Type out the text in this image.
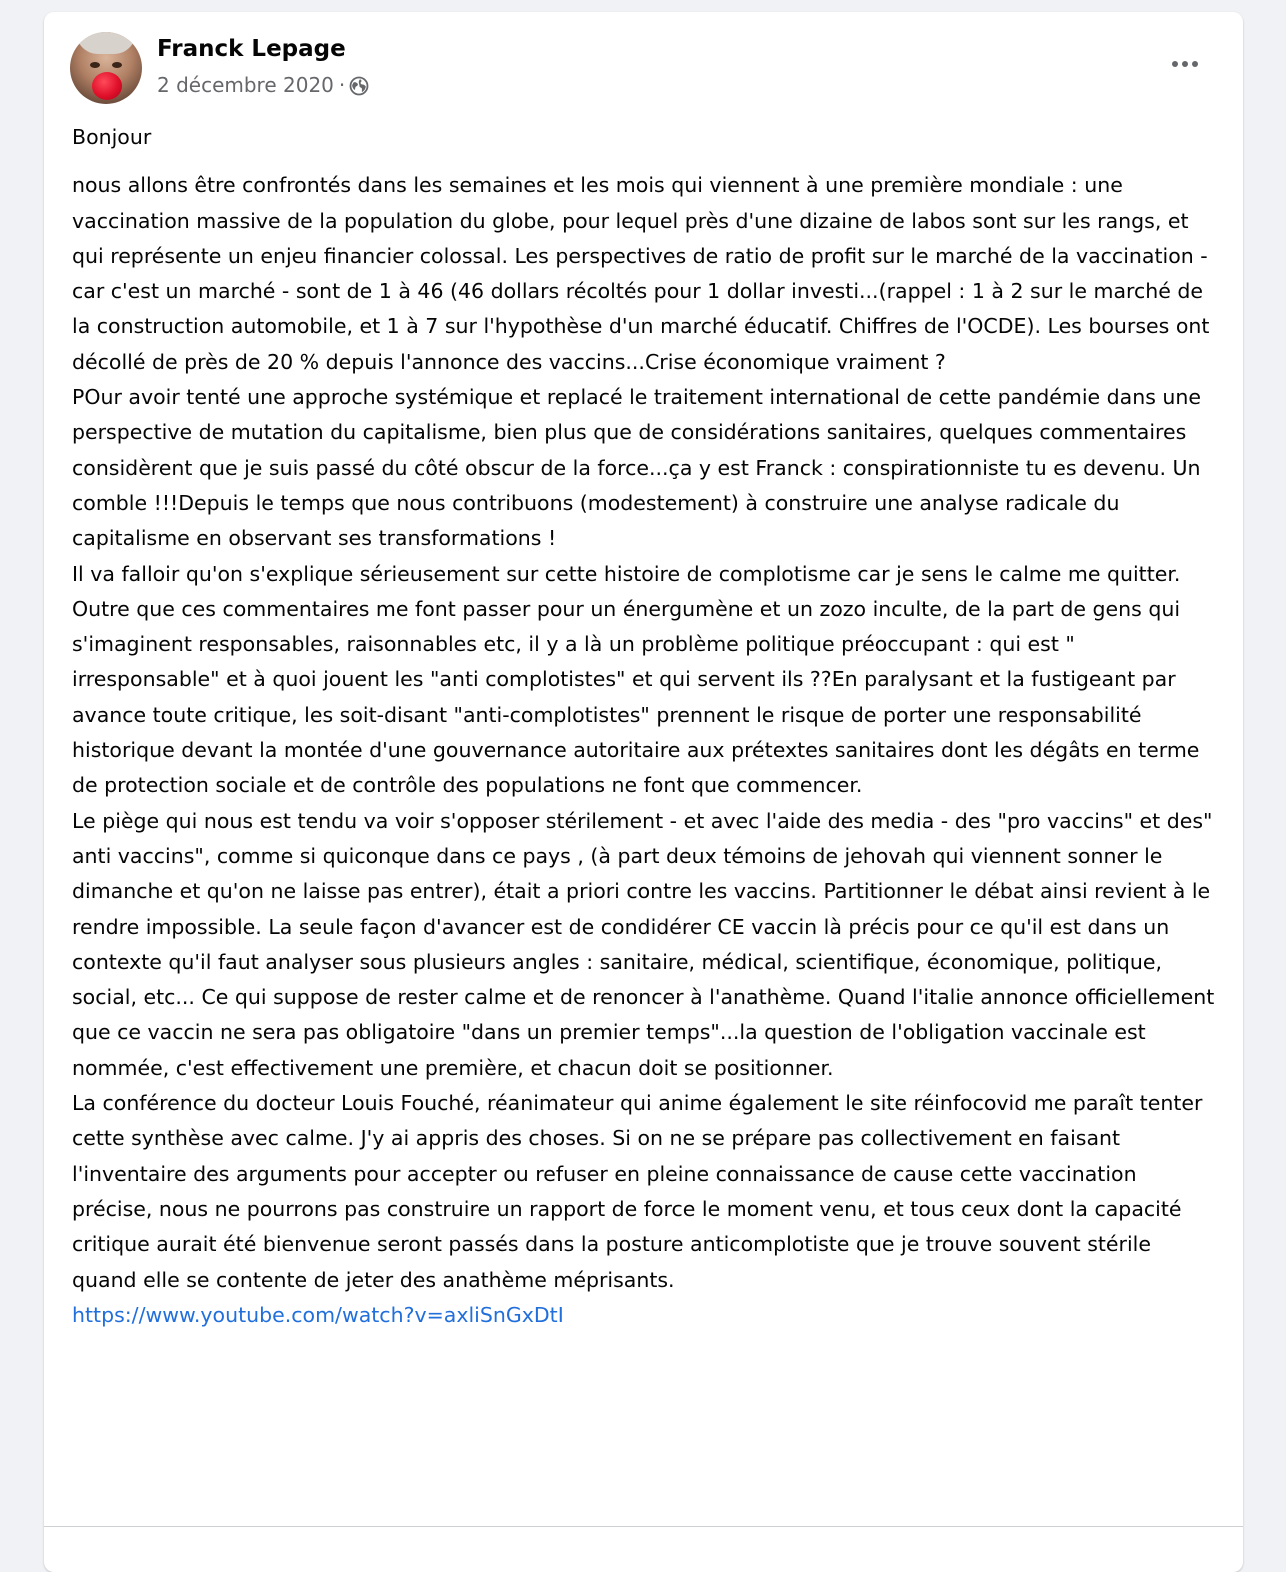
Franck Lepage
2 décembre 2020 ·

Bonjour

nous allons être confrontés dans les semaines et les mois qui viennent à une première mondiale : une vaccination massive de la population du globe, pour lequel près d'une dizaine de labos sont sur les rangs, et qui représente un enjeu financier colossal. Les perspectives de ratio de profit sur le marché de la vaccination - car c'est un marché - sont de 1 à 46 (46 dollars récoltés pour 1 dollar investi...(rappel : 1 à 2 sur le marché de la construction automobile, et 1 à 7 sur l'hypothèse d'un marché éducatif. Chiffres de l'OCDE). Les bourses ont décollé de près de 20 % depuis l'annonce des vaccins...Crise économique vraiment ?

POur avoir tenté une approche systémique et replacé le traitement international de cette pandémie dans une perspective de mutation du capitalisme, bien plus que de considérations sanitaires, quelques commentaires considèrent que je suis passé du côté obscur de la force...ça y est Franck : conspirationniste tu es devenu. Un comble !!!Depuis le temps que nous contribuons (modestement) à construire une analyse radicale du capitalisme en observant ses transformations !

Il va falloir qu'on s'explique sérieusement sur cette histoire de complotisme car je sens le calme me quitter. Outre que ces commentaires me font passer pour un énergumène et un zozo inculte, de la part de gens qui s'imaginent responsables, raisonnables etc, il y a là un problème politique préoccupant : qui est " irresponsable" et à quoi jouent les "anti complotistes" et qui servent ils ??En paralysant et la fustigeant par avance toute critique, les soit-disant "anti-complotistes" prennent le risque de porter une responsabilité historique devant la montée d'une gouvernance autoritaire aux prétextes sanitaires dont les dégâts en terme de protection sociale et de contrôle des populations ne font que commencer.

Le piège qui nous est tendu va voir s'opposer stérilement - et avec l'aide des media - des "pro vaccins" et des" anti vaccins", comme si quiconque dans ce pays , (à part deux témoins de jehovah qui viennent sonner le dimanche et qu'on ne laisse pas entrer), était a priori contre les vaccins. Partitionner le débat ainsi revient à le rendre impossible. La seule façon d'avancer est de condidérer CE vaccin là précis pour ce qu'il est dans un contexte qu'il faut analyser sous plusieurs angles : sanitaire, médical, scientifique, économique, politique, social, etc... Ce qui suppose de rester calme et de renoncer à l'anathème. Quand l'italie annonce officiellement que ce vaccin ne sera pas obligatoire "dans un premier temps"...la question de l'obligation vaccinale est nommée, c'est effectivement une première, et chacun doit se positionner.

La conférence du docteur Louis Fouché, réanimateur qui anime également le site réinfocovid me paraît tenter cette synthèse avec calme. J'y ai appris des choses. Si on ne se prépare pas collectivement en faisant l'inventaire des arguments pour accepter ou refuser en pleine connaissance de cause cette vaccination précise, nous ne pourrons pas construire un rapport de force le moment venu, et tous ceux dont la capacité critique aurait été bienvenue seront passés dans la posture anticomplotiste que je trouve souvent stérile quand elle se contente de jeter des anathème méprisants.

https://www.youtube.com/watch?v=axliSnGxDtI
